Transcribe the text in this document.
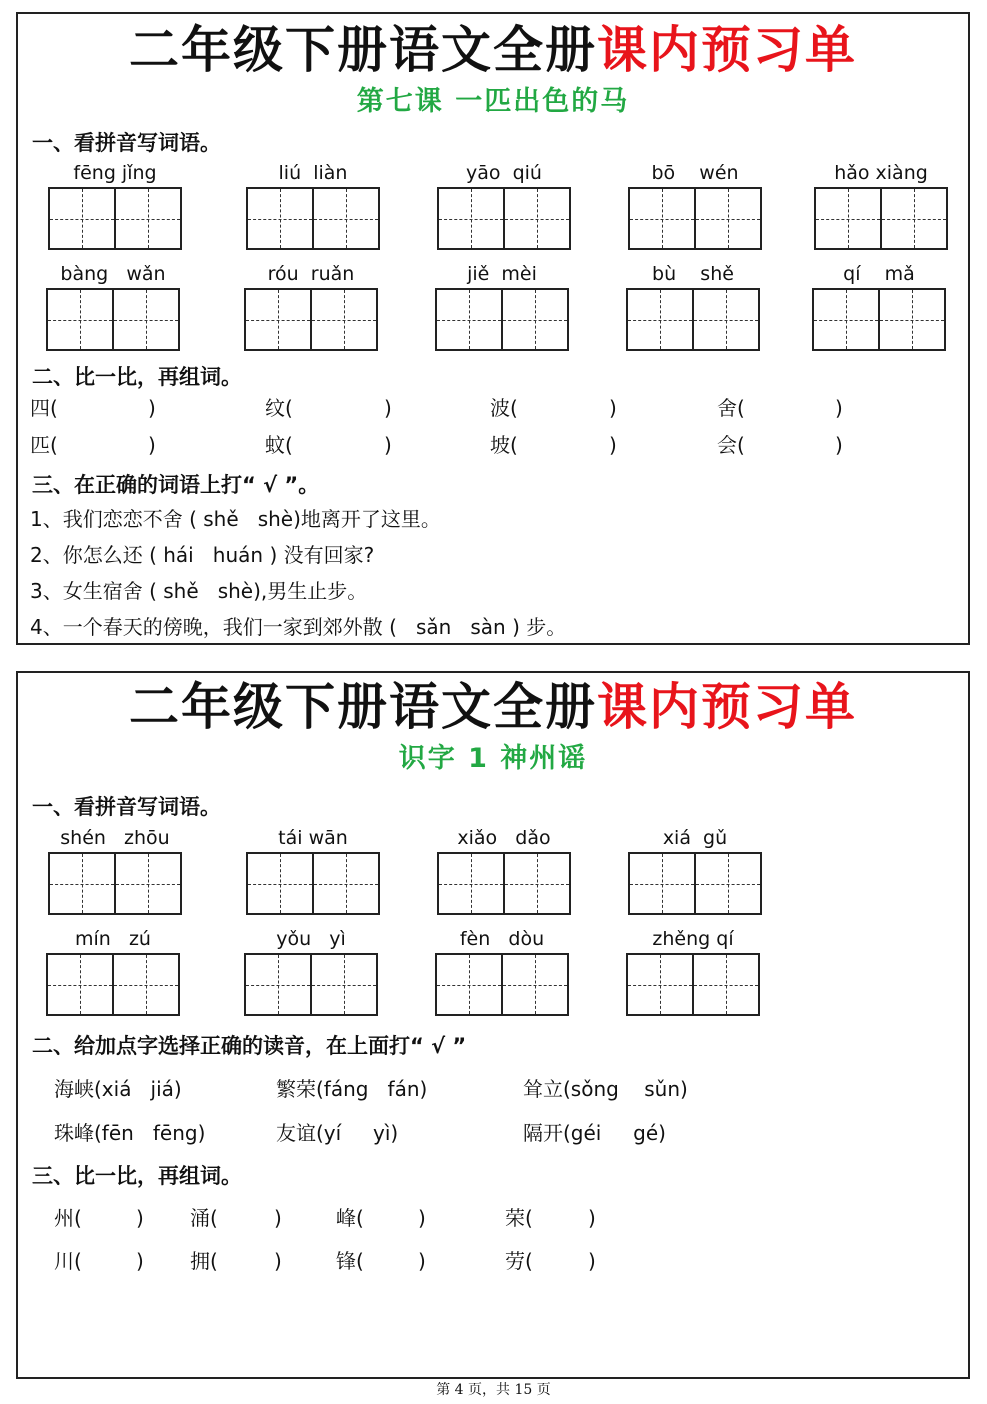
二年级下册语文全册课内预习单
第七课 一匹出色的马
一、看拼音写词语。
fēng jǐng	liú  liàn	yāo  qiú	bō    wén	hǎo xiàng
bàng   wǎn	róu  ruǎn	jiě  mèi	bù    shě	qí    mǎ
二、比一比，再组词。
四(	)	纹(	)	波(	)	舍(	)
匹(	)	蚊(	)	坡(	)	会(	)
三、在正确的词语上打“ √ ”。
1、我们恋恋不舍 ( shě   shè)地离开了这里。
2、你怎么还 ( hái   huán ) 没有回家?
3、女生宿舍 ( shě   shè),男生止步。
4、一个春天的傍晚，我们一家到郊外散 (   sǎn   sàn ) 步。
二年级下册语文全册课内预习单
识字 1 神州谣
一、看拼音写词语。
shén   zhōu	tái wān	xiǎo   dǎo	xiá  gǔ
mín   zú	yǒu   yì	fèn   dòu	zhěng qí
二、给加点字选择正确的读音，在上面打“ √ ”
海峡(xiá   jiá)	繁荣(fáng   fán)	耸立(sǒng    sǔn)
珠峰(fēn   fēng)	友谊(yí     yì)	隔开(géi     gé)
三、比一比，再组词。
州(	) 涌(	)	峰(	)	荣(	)
川(	) 拥(	)	锋(	)	劳(	)
第 4 页，共 15 页
